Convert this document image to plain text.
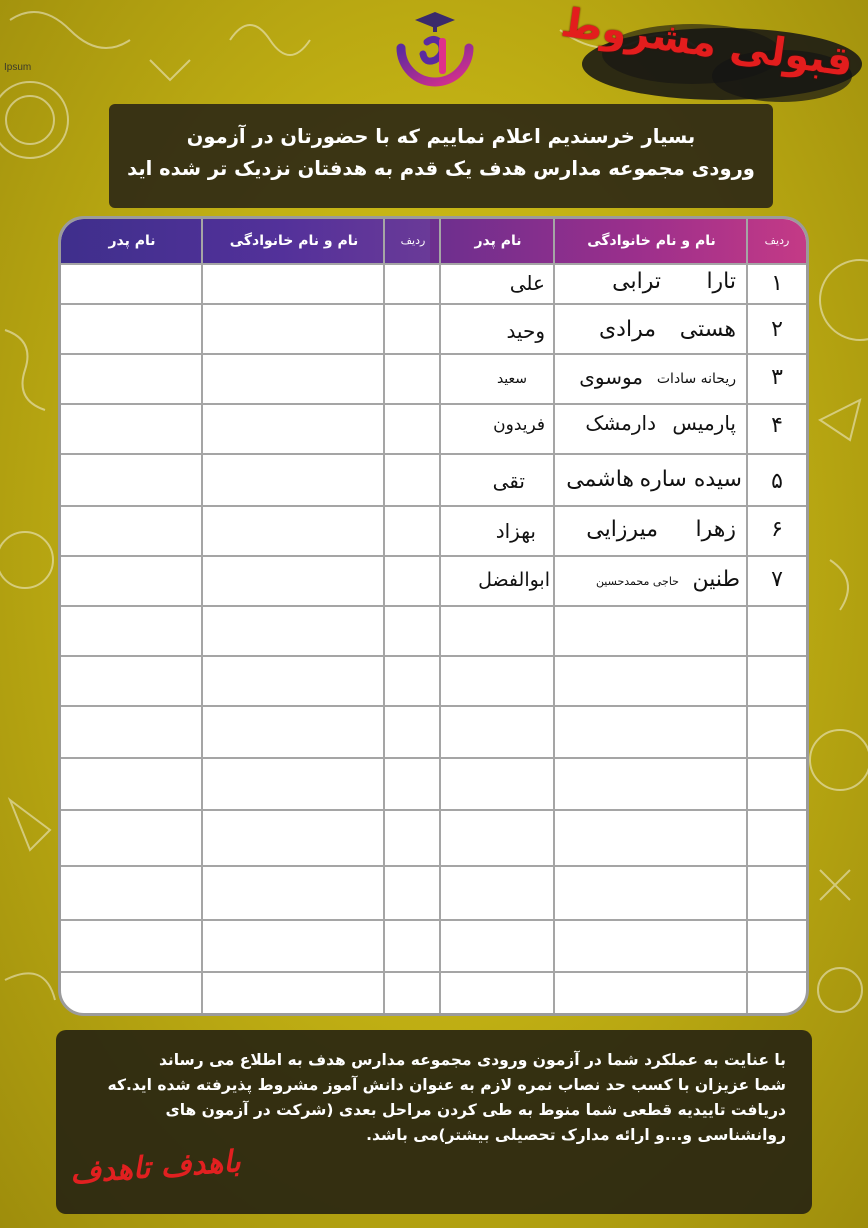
Ipsum	قبولی مشروط
بسیار خرسندیم اعلام نماییم که با حضورتان در آزمون
ورودی مجموعه مدارس هدف یک قدم به هدفتان نزدیک تر شده اید
ردیف
نام و نام خانوادگی
نام پدر
ردیف
نام و نام خانوادگی
نام پدر
۱
تارا
ترابی
علی
۲
هستی
مرادی
وحید
۳
ریحانه سادات
موسوی
سعید
۴
پارمیس
دارمشک
فریدون
۵
سیده ساره
هاشمی
تقی
۶
زهرا
میرزایی
بهزاد
۷
طنین
حاجی محمدحسین
ابوالفضل

با عنایت به عملکرد شما در آزمون ورودی مجموعه مدارس هدف به اطلاع می رساند

شما عزیزان با کسب حد نصاب نمره لازم به عنوان دانش آموز مشروط پذیرفته شده اید.که

دریافت تاییدیه قطعی شما منوط به طی کردن مراحل بعدی (شرکت در آزمون های

روانشناسی و...و ارائه مدارک تحصیلی بیشتر)می باشد.

باهدف تاهدف
